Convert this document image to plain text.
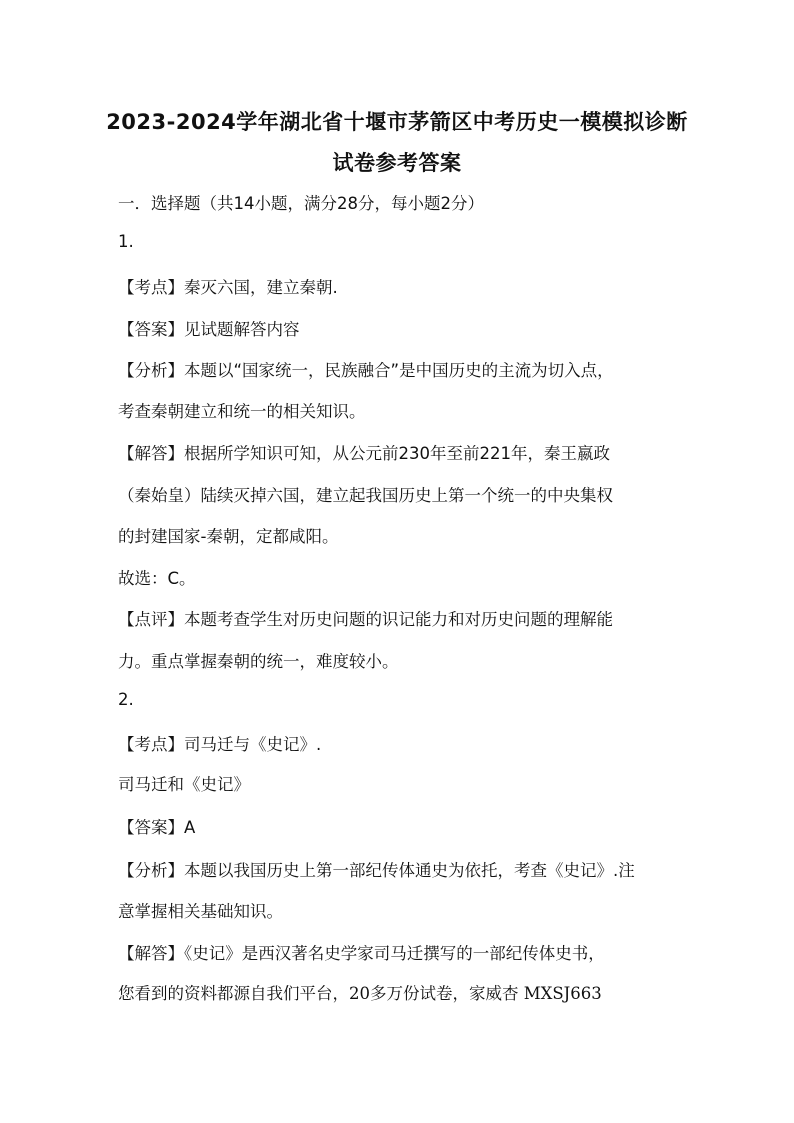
2023-2024学年湖北省十堰市茅箭区中考历史一模模拟诊断
试卷参考答案
一．选择题（共14小题，满分28分，每小题2分）
1.
【考点】秦灭六国，建立秦朝.
【答案】见试题解答内容
【分析】本题以“国家统一，民族融合”是中国历史的主流为切入点，
考查秦朝建立和统一的相关知识。
【解答】根据所学知识可知，从公元前230年至前221年，秦王嬴政
（秦始皇）陆续灭掉六国，建立起我国历史上第一个统一的中央集权
的封建国家-秦朝，定都咸阳。
故选：C。
【点评】本题考查学生对历史问题的识记能力和对历史问题的理解能
力。重点掌握秦朝的统一，难度较小。
2.
【考点】司马迁与《史记》.
司马迁和《史记》
【答案】A
【分析】本题以我国历史上第一部纪传体通史为依托，考查《史记》.注
意掌握相关基础知识。
【解答】《史记》是西汉著名史学家司马迁撰写的一部纪传体史书，
您看到的资料都源自我们平台，20多万份试卷，家威杏 MXSJ663
